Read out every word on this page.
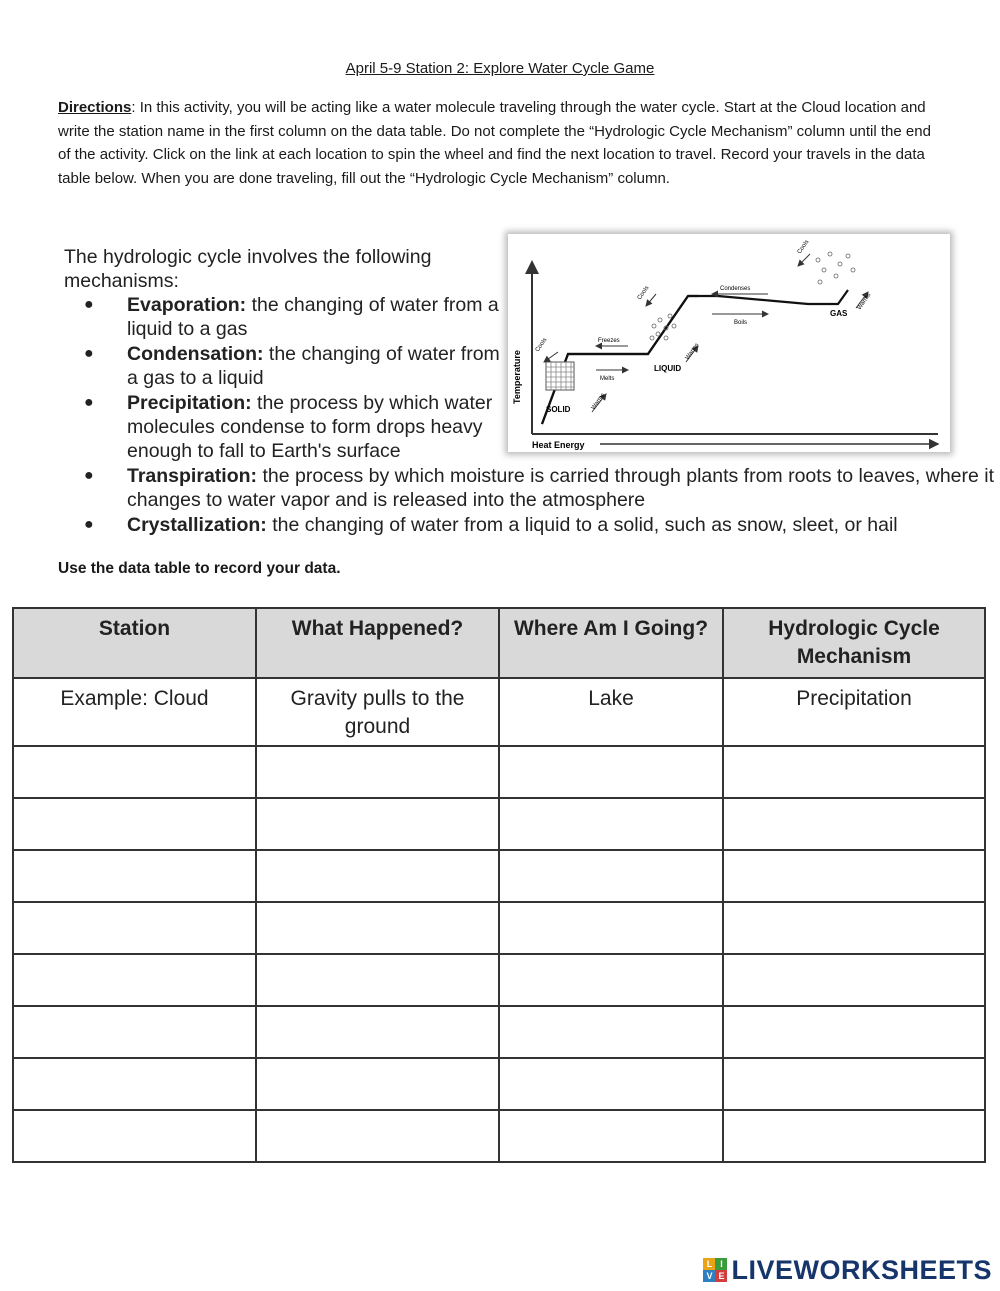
April 5-9 Station 2: Explore Water Cycle Game
Directions: In this activity, you will be acting like a water molecule traveling through the water cycle. Start at the Cloud location and write the station name in the first column on the data table. Do not complete the “Hydrologic Cycle Mechanism” column until the end of the activity. Click on the link at each location to spin the wheel and find the next location to travel. Record your travels in the data table below. When you are done traveling, fill out the “Hydrologic Cycle Mechanism” column.
The hydrologic cycle involves the following mechanisms:
● Evaporation: the changing of water from a liquid to a gas
● Condensation: the changing of water from a gas to a liquid
● Precipitation: the process by which water molecules condense to form drops heavy enough to fall to Earth's surface
● Transpiration: the process by which moisture is carried through plants from roots to leaves, where it changes to water vapor and is released into the atmosphere
● Crystallization: the changing of water from a liquid to a solid, such as snow, sleet, or hail
Temperature
Heat Energy
SOLID
LIQUID
GAS
Freezes
Melts
Condenses
Boils
Cools
Warms
Cools
Warms
Cools
Warms
Use the data table to record your data.
Station	What Happened?	Where Am I Going?	Hydrologic Cycle Mechanism
Example: Cloud	Gravity pulls to the ground	Lake	Precipitation

L I
V E LIVEWORKSHEETS
